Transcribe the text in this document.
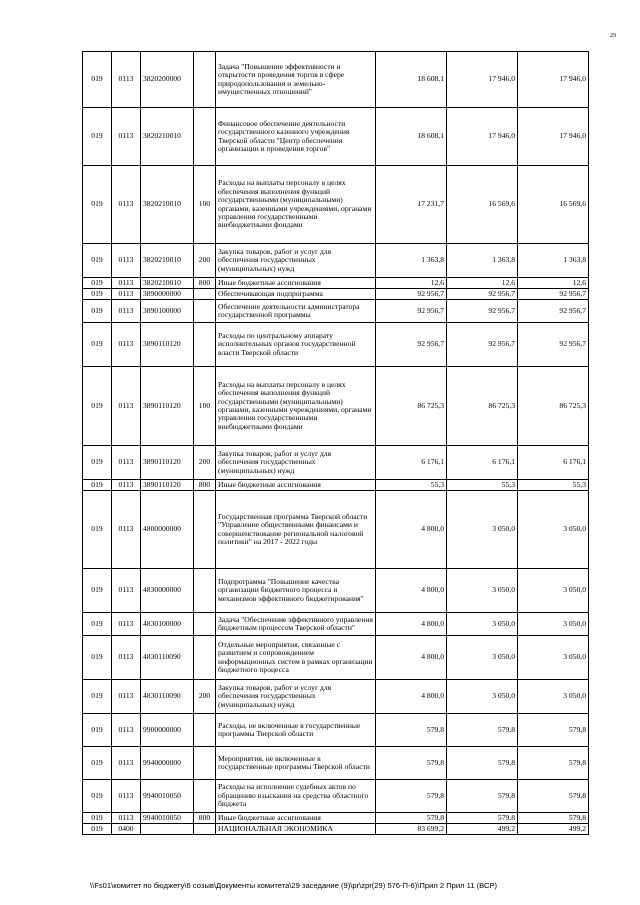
29
019	0113	3820200000		Задача "Повышение эффективности и открытости проведения торгов в сфере природопользования и земельно-имущественных отношений"	18 608,1	17 946,0	17 946,0
019	0113	3820210010		Финансовое обеспечение деятельности государственного казенного учреждения Тверской области "Центр обеспечения организации и проведения торгов"	18 608,1	17 946,0	17 946,0
019	0113	3820210010	100	Расходы на выплаты персоналу в целях обеспечения выполнения функций государственными (муниципальными) органами, казенными учреждениями, органами управления государственными внебюджетными фондами	17 231,7	16 569,6	16 569,6
019	0113	3820210010	200	Закупка товаров, работ и услуг для обеспечения государственных (муниципальных) нужд	1 363,8	1 363,8	1 363,8
019	0113	3820210010	800	Иные бюджетные ассигнования	12,6	12,6	12,6
019	0113	3890000000		Обеспечивающая подпрограмма	92 956,7	92 956,7	92 956,7
019	0113	3890100000		Обеспечение деятельности администратора государственной программы	92 956,7	92 956,7	92 956,7
019	0113	3890110120		Расходы по центральному аппарату исполнительных органов государственной власти Тверской области	92 956,7	92 956,7	92 956,7
019	0113	3890110120	100	Расходы на выплаты персоналу в целях обеспечения выполнения функций государственными (муниципальными) органами, казенными учреждениями, органами управления государственными внебюджетными фондами	86 725,3	86 725,3	86 725,3
019	0113	3890110120	200	Закупка товаров, работ и услуг для обеспечения государственных (муниципальных) нужд	6 176,1	6 176,1	6 176,1
019	0113	3890110120	800	Иные бюджетные ассигнования	55,3	55,3	55,3
019	0113	4800000000		Государственная программа Тверской области "Управление общественными финансами и совершенствование региональной налоговой политики" на 2017 - 2022 годы	4 800,0	3 050,0	3 050,0
019	0113	4830000000		Подпрограмма "Повышение качества организации бюджетного процесса и механизмов эффективного бюджетирования"	4 800,0	3 050,0	3 050,0
019	0113	4830100000		Задача "Обеспечение эффективного управления бюджетным процессом Тверской области"	4 800,0	3 050,0	3 050,0
019	0113	4830110090		Отдельные мероприятия, связанные с развитием и сопровождением информационных систем в рамках организации бюджетного процесса	4 800,0	3 050,0	3 050,0
019	0113	4830110090	200	Закупка товаров, работ и услуг для обеспечения государственных (муниципальных) нужд	4 800,0	3 050,0	3 050,0
019	0113	9900000000		Расходы, не включенные в государственные программы Тверской области	579,8	579,8	579,8
019	0113	9940000000		Мероприятия, не включенные в государственные программы Тверской области	579,8	579,8	579,8
019	0113	9940010050		Расходы на исполнение судебных актов по обращению взыскания на средства областного бюджета	579,8	579,8	579,8
019	0113	9940010050	800	Иные бюджетные ассигнования	579,8	579,8	579,8
019	0400			НАЦИОНАЛЬНАЯ ЭКОНОМИКА	83 699,2	499,2	499,2
\\Fs01\комитет по бюджету\6 созыв\Документы комитета\29 заседание (9)\pr\zpr(29) 576-П-6)\Прил 2 Прил 11 (ВСР)
